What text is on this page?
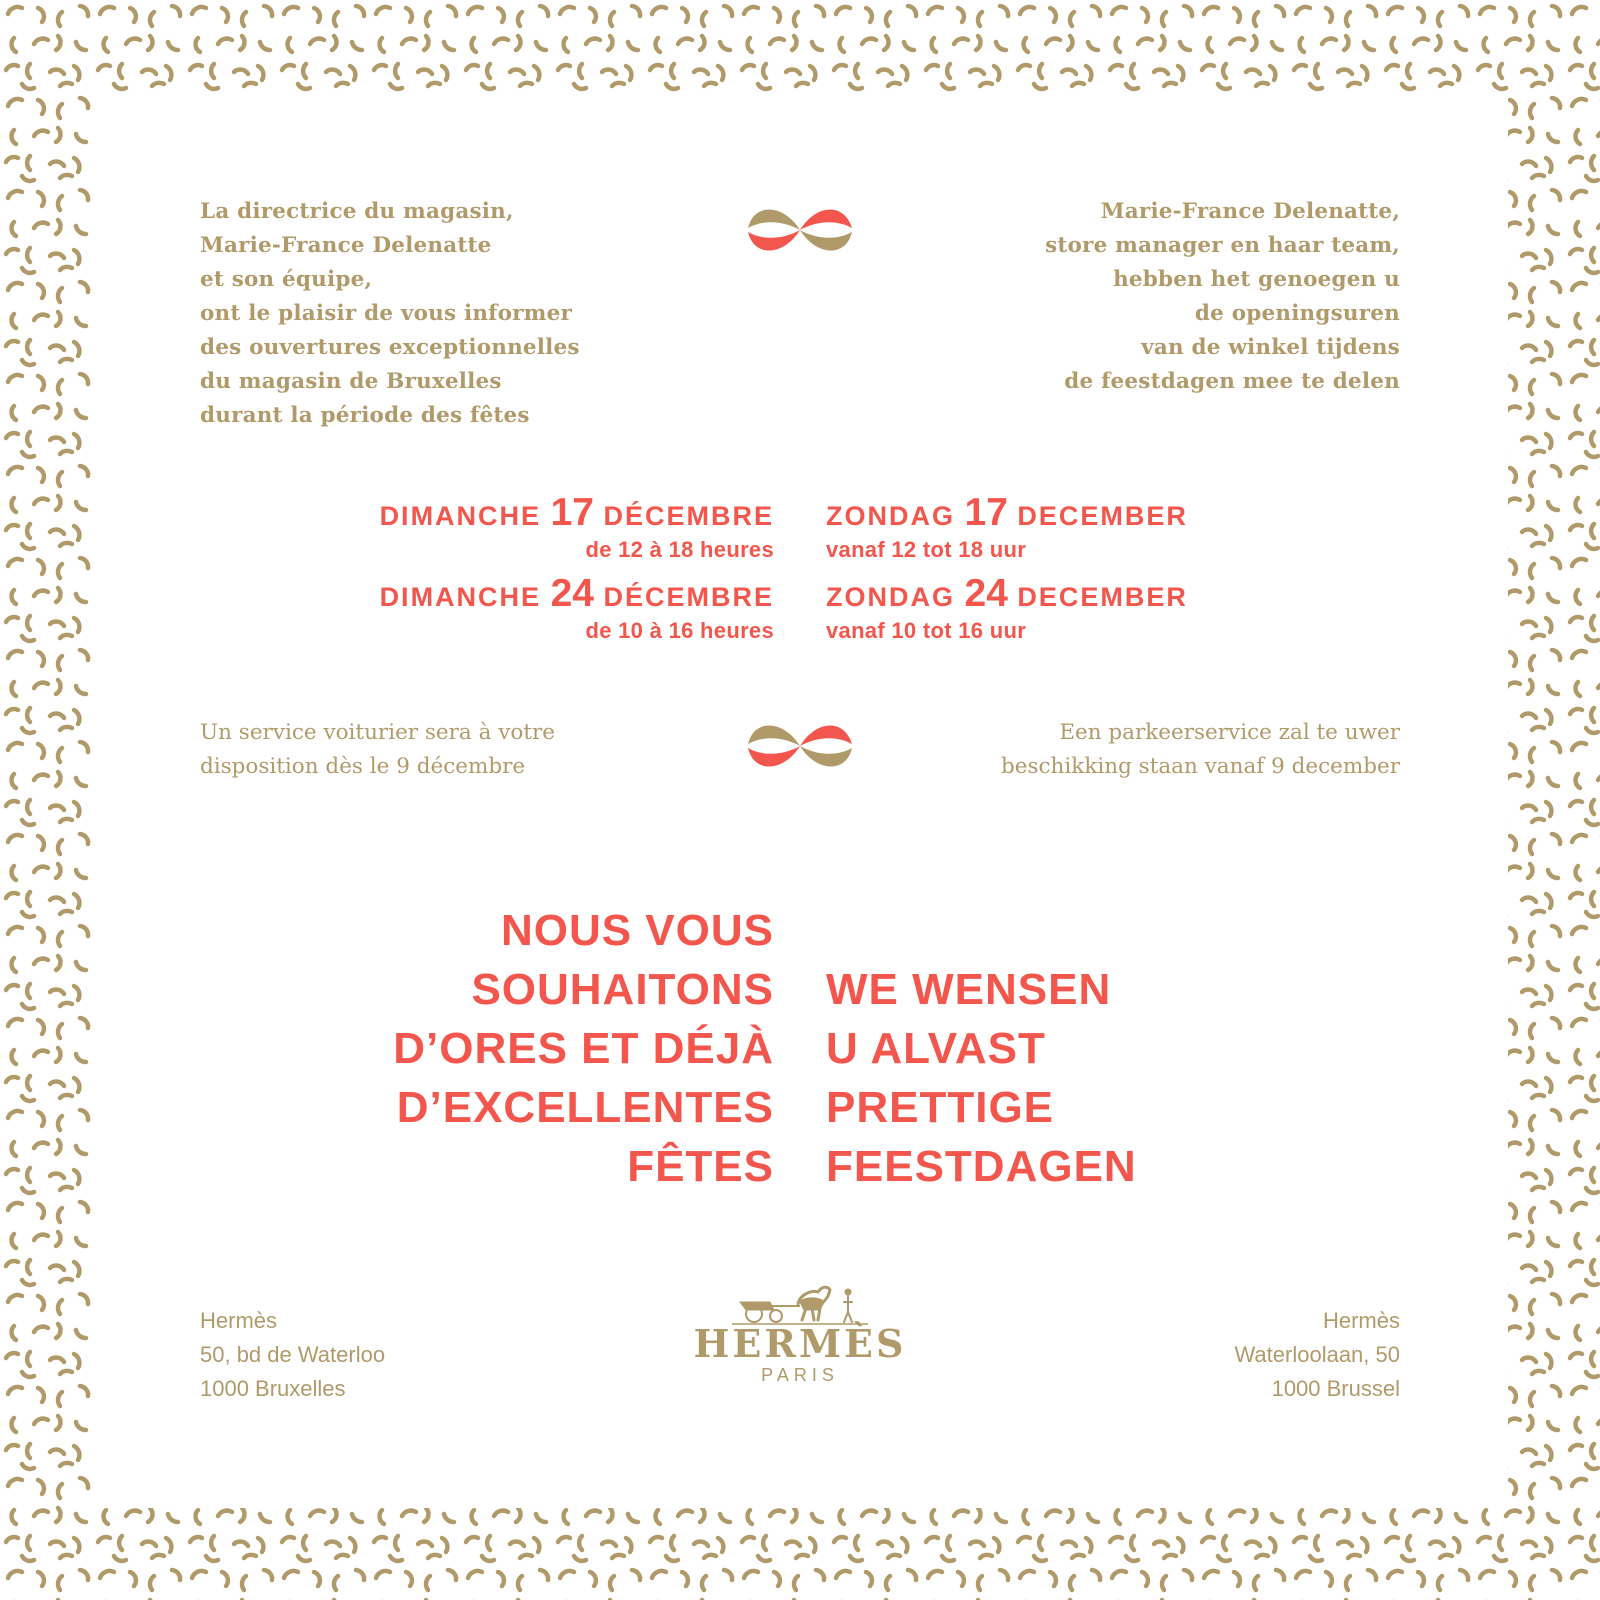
La directrice du magasin,
Marie-France Delenatte
et son équipe,
ont le plaisir de vous informer
des ouvertures exceptionnelles
du magasin de Bruxelles
durant la période des fêtes
Marie-France Delenatte,
store manager en haar team,
hebben het genoegen u
de openingsuren
van de winkel tijdens
de feestdagen mee te delen
DIMANCHE 17 DÉCEMBRE
de 12 à 18 heures
DIMANCHE 24 DÉCEMBRE
de 10 à 16 heures
ZONDAG 17 DECEMBER
vanaf 12 tot 18 uur
ZONDAG 24 DECEMBER
vanaf 10 tot 16 uur
Un service voiturier sera à votre
disposition dès le 9 décembre
Een parkeerservice zal te uwer
beschikking staan vanaf 9 december
NOUS VOUS
SOUHAITONS
D’ORES ET DÉJÀ
D’EXCELLENTES
FÊTES
WE WENSEN
U ALVAST
PRETTIGE
FEESTDAGEN
Hermès
50, bd de Waterloo
1000 Bruxelles
HERMÈS
PARIS
Hermès
Waterloolaan, 50
1000 Brussel
